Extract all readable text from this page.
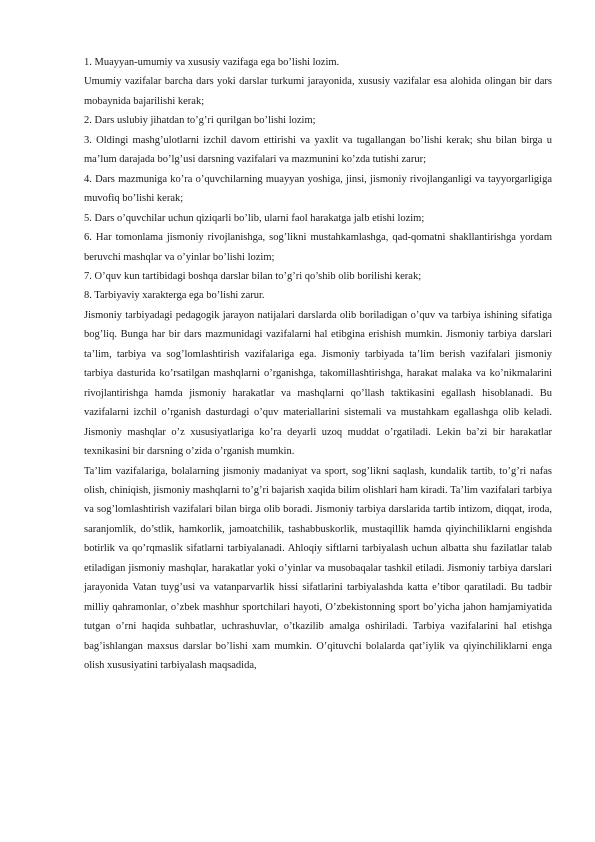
1. Muayyan-umumiy va xususiy vazifaga ega bo’lishi lozim.

Umumiy vazifalar barcha dars yoki darslar turkumi jarayonida, xususiy vazifalar esa alohida olingan bir dars mobaynida bajarilishi kerak;

2. Dars uslubiy jihatdan to’g’ri qurilgan bo’lishi lozim;

3. Oldingi mashg’ulotlarni izchil davom ettirishi va yaxlit va tugallangan bo’lishi kerak; shu bilan birga u ma’lum darajada bo’lg’usi darsning vazifalari va mazmunini ko’zda tutishi zarur;

4. Dars mazmuniga ko’ra o’quvchilarning muayyan yoshiga, jinsi, jismoniy rivojlanganligi va tayyorgarligiga muvofiq bo’lishi kerak;

5. Dars o’quvchilar uchun qiziqarli bo’lib, ularni faol harakatga jalb etishi lozim;

6. Har tomonlama jismoniy rivojlanishga, sog’likni mustahkamlashga, qad-qomatni shakllantirishga yordam beruvchi mashqlar va o’yinlar bo’lishi lozim;

7. O’quv kun tartibidagi boshqa darslar bilan to’g’ri qo’shib olib borilishi kerak;

8. Tarbiyaviy xarakterga ega bo’lishi zarur.

Jismoniy tarbiyadagi pedagogik jarayon natijalari darslarda olib boriladigan o’quv va tarbiya ishining sifatiga bog’liq. Bunga har bir dars mazmunidagi vazifalarni hal etibgina erishish mumkin. Jismoniy tarbiya darslari ta’lim, tarbiya va sog’lomlashtirish vazifalariga ega. Jismoniy tarbiyada ta’lim berish vazifalari jismoniy tarbiya dasturida ko’rsatilgan mashqlarni o’rganishga, takomillashtirishga, harakat malaka va ko’nikmalarini rivojlantirishga hamda jismoniy harakatlar va mashqlarni qo’llash taktikasini egallash hisoblanadi. Bu vazifalarni izchil o’rganish dasturdagi o’quv materiallarini sistemali va mustahkam egallashga olib keladi. Jismoniy mashqlar o’z xususiyatlariga ko’ra deyarli uzoq muddat o’rgatiladi. Lekin ba’zi bir harakatlar texnikasini bir darsning o’zida o’rganish mumkin.

Ta’lim vazifalariga, bolalarning jismoniy madaniyat va sport, sog’likni saqlash, kundalik tartib, to’g’ri nafas olish, chiniqish, jismoniy mashqlarni to’g’ri bajarish xaqida bilim olishlari ham kiradi. Ta’lim vazifalari tarbiya va sog’lomlashtirish vazifalari bilan birga olib boradi. Jismoniy tarbiya darslarida tartib intizom, diqqat, iroda, saranjomlik, do’stlik, hamkorlik, jamoatchilik, tashabbuskorlik, mustaqillik hamda qiyinchiliklarni engishda botirlik va qo’rqmaslik sifatlarni tarbiyalanadi. Ahloqiy siftlarni tarbiyalash uchun albatta shu fazilatlar talab etiladigan jismoniy mashqlar, harakatlar yoki o’yinlar va musobaqalar tashkil etiladi. Jismoniy tarbiya darslari jarayonida Vatan tuyg’usi va vatanparvarlik hissi sifatlarini tarbiyalashda katta e’tibor qaratiladi. Bu tadbir milliy qahramonlar, o’zbek mashhur sportchilari hayoti, O’zbekistonning sport bo’yicha jahon hamjamiyatida tutgan o’rni haqida suhbatlar, uchrashuvlar, o’tkazilib amalga oshiriladi. Tarbiya vazifalarini hal etishga bag’ishlangan maxsus darslar bo’lishi xam mumkin. O’qituvchi bolalarda qat’iylik va qiyinchiliklarni enga olish xususiyatini tarbiyalash maqsadida,
